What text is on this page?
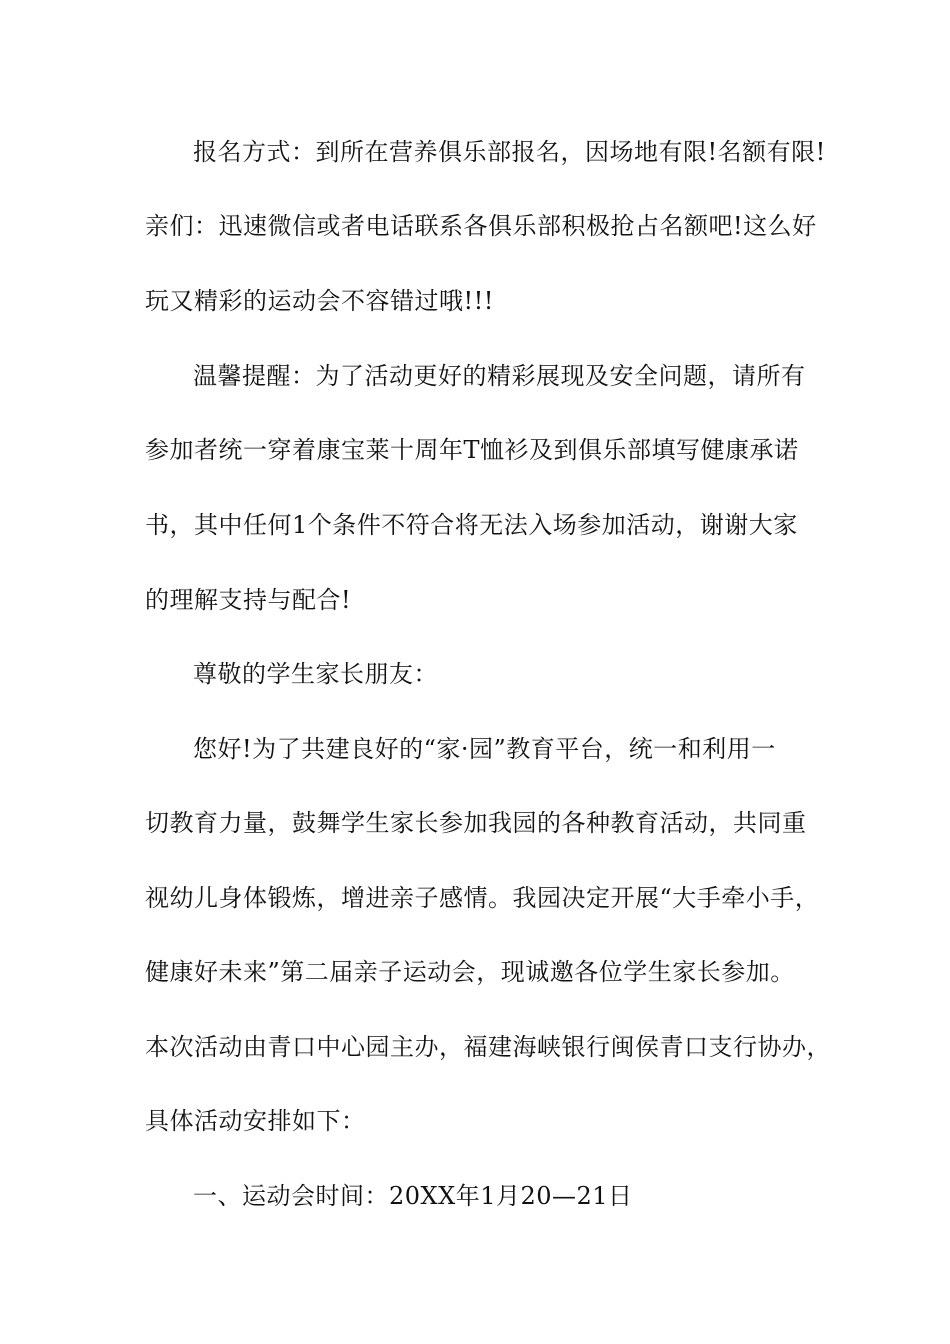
报名方式：到所在营养俱乐部报名，因场地有限!名额有限!
亲们：迅速微信或者电话联系各俱乐部积极抢占名额吧!这么好
玩又精彩的运动会不容错过哦!!!
温馨提醒：为了活动更好的精彩展现及安全问题，请所有
参加者统一穿着康宝莱十周年T恤衫及到俱乐部填写健康承诺
书，其中任何1个条件不符合将无法入场参加活动，谢谢大家
的理解支持与配合!
尊敬的学生家长朋友：
您好!为了共建良好的“家·园”教育平台，统一和利用一
切教育力量，鼓舞学生家长参加我园的各种教育活动，共同重
视幼儿身体锻炼，增进亲子感情。我园决定开展“大手牵小手，
健康好未来”第二届亲子运动会，现诚邀各位学生家长参加。
本次活动由青口中心园主办，福建海峡银行闽侯青口支行协办，
具体活动安排如下：
一、运动会时间：20XX年1月20—21日
